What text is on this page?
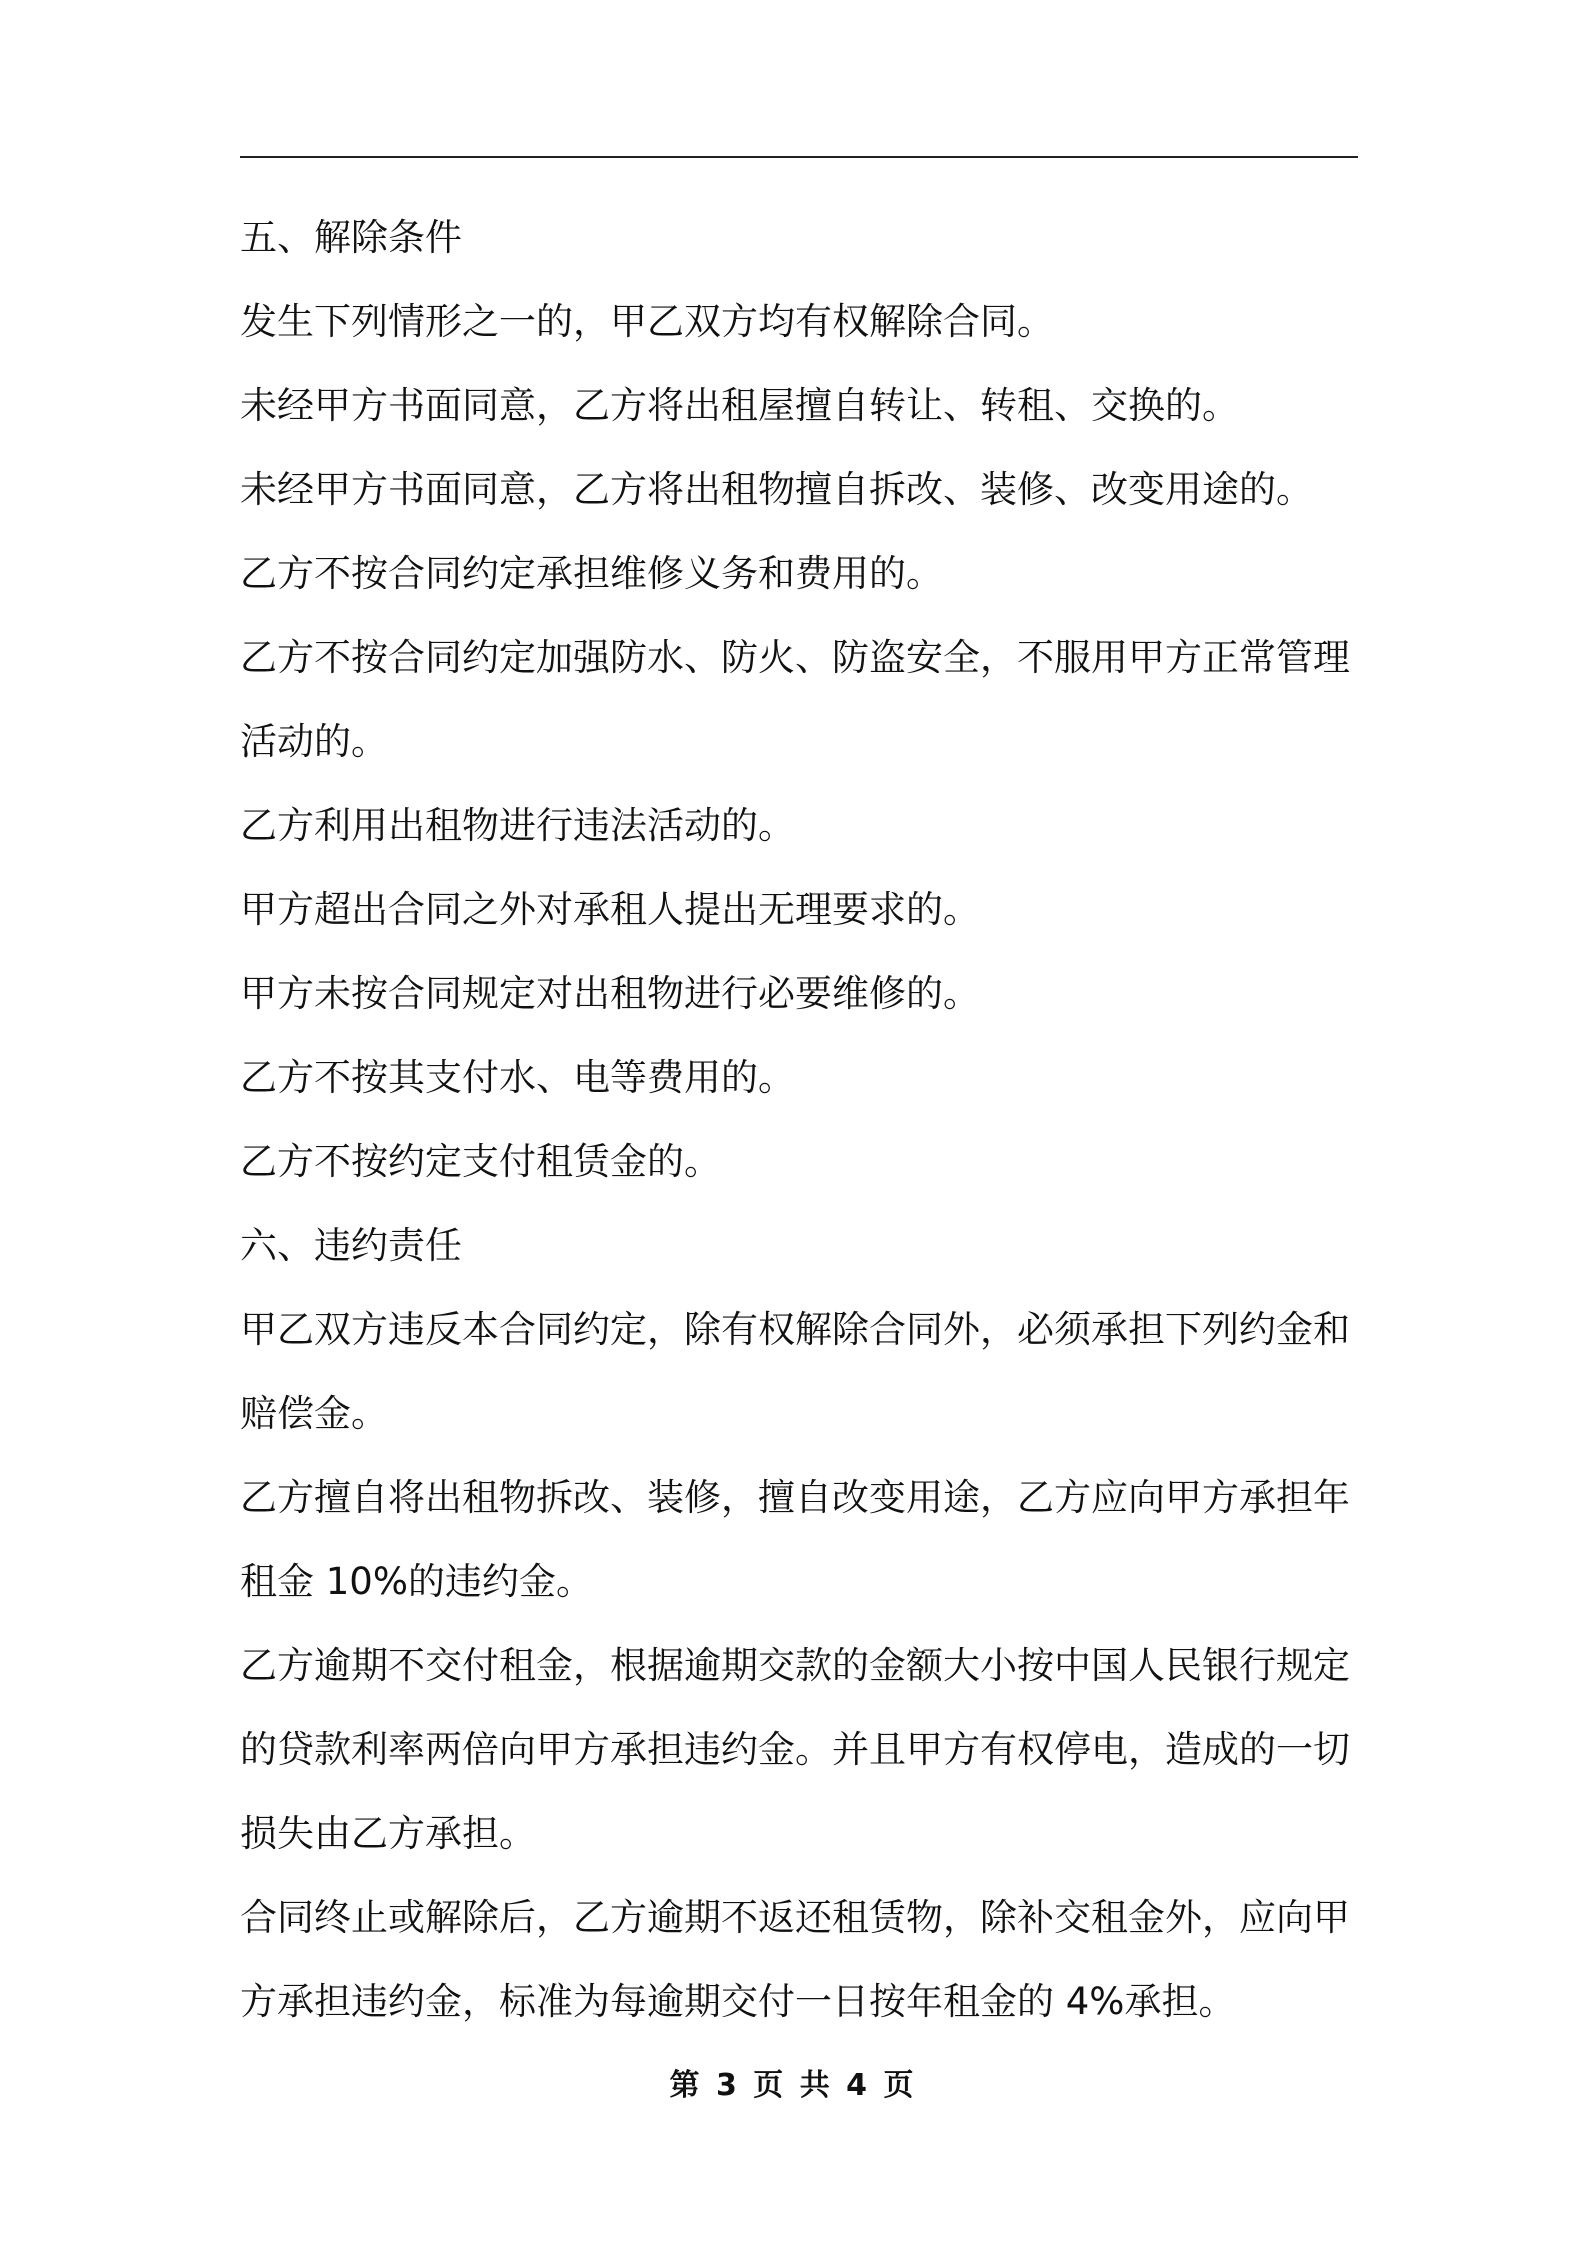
五、解除条件
发生下列情形之一的，甲乙双方均有权解除合同。
未经甲方书面同意，乙方将出租屋擅自转让、转租、交换的。
未经甲方书面同意，乙方将出租物擅自拆改、装修、改变用途的。
乙方不按合同约定承担维修义务和费用的。
乙方不按合同约定加强防水、防火、防盗安全，不服用甲方正常管理
活动的。
乙方利用出租物进行违法活动的。
甲方超出合同之外对承租人提出无理要求的。
甲方未按合同规定对出租物进行必要维修的。
乙方不按其支付水、电等费用的。
乙方不按约定支付租赁金的。
六、违约责任
甲乙双方违反本合同约定，除有权解除合同外，必须承担下列约金和
赔偿金。
乙方擅自将出租物拆改、装修，擅自改变用途，乙方应向甲方承担年
租金 10%的违约金。
乙方逾期不交付租金，根据逾期交款的金额大小按中国人民银行规定
的贷款利率两倍向甲方承担违约金。并且甲方有权停电，造成的一切
损失由乙方承担。
合同终止或解除后，乙方逾期不返还租赁物，除补交租金外，应向甲
方承担违约金，标准为每逾期交付一日按年租金的 4%承担。
第 3 页 共 4 页
